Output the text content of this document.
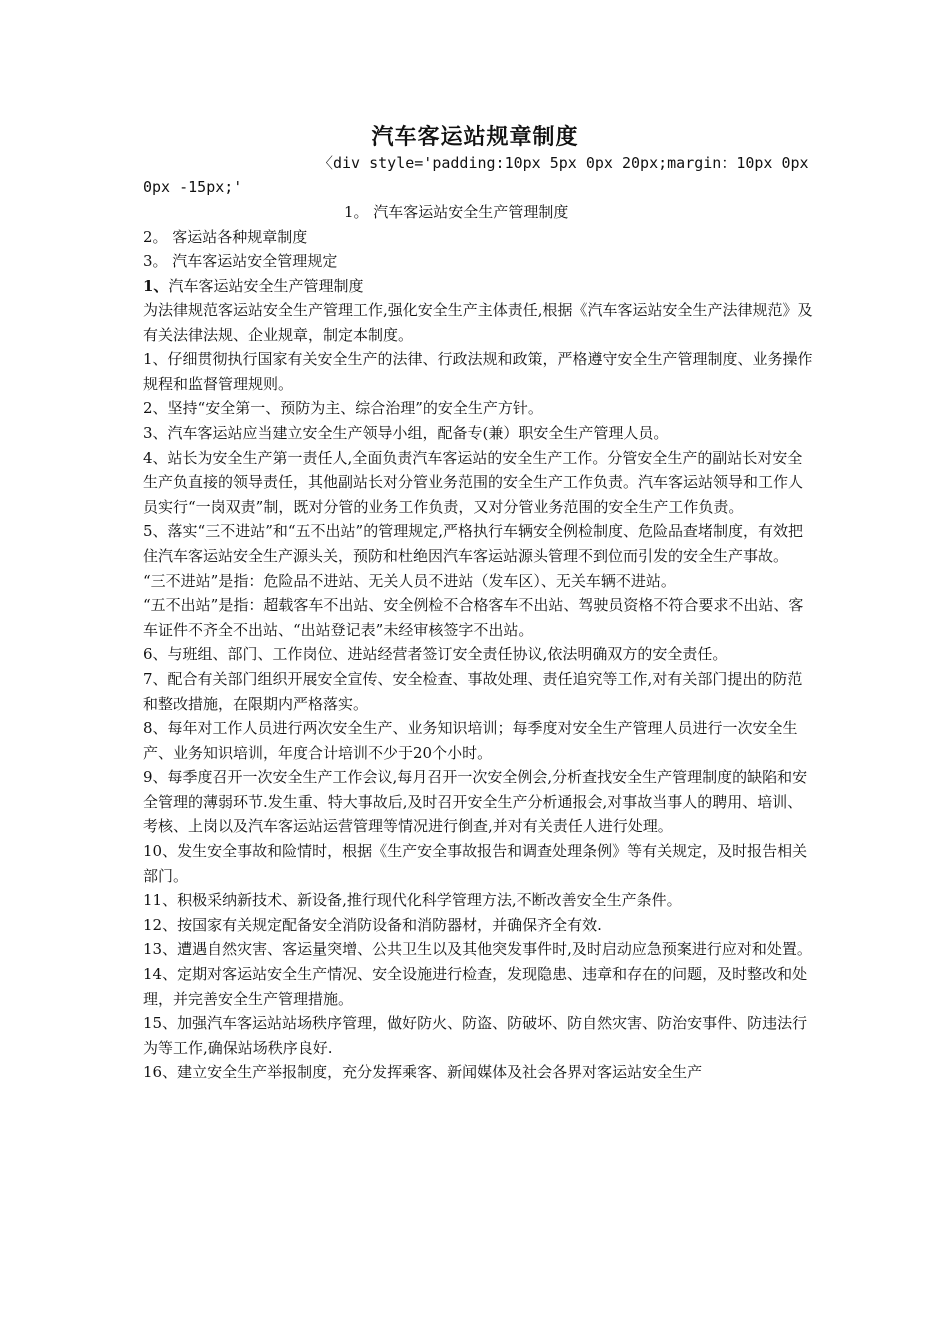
汽车客运站规章制度
〈div style='padding:10px 5px 0px 20px;margin：10px 0px
0px -15px;'
1。 汽车客运站安全生产管理制度
2。 客运站各种规章制度
3。 汽车客运站安全管理规定
1、汽车客运站安全生产管理制度

为法律规范客运站安全生产管理工作,强化安全生产主体责任,根据《汽车客运站安全生产法律规范》及有关法律法规、企业规章，制定本制度。

1、仔细贯彻执行国家有关安全生产的法律、行政法规和政策，严格遵守安全生产管理制度、业务操作规程和监督管理规则。

2、坚持“安全第一、预防为主、综合治理”的安全生产方针。

3、汽车客运站应当建立安全生产领导小组，配备专(兼）职安全生产管理人员。

4、站长为安全生产第一责任人,全面负责汽车客运站的安全生产工作。分管安全生产的副站长对安全生产负直接的领导责任，其他副站长对分管业务范围的安全生产工作负责。汽车客运站领导和工作人员实行“一岗双责”制，既对分管的业务工作负责，又对分管业务范围的安全生产工作负责。

5、落实“三不进站”和“五不出站”的管理规定,严格执行车辆安全例检制度、危险品查堵制度，有效把住汽车客运站安全生产源头关，预防和杜绝因汽车客运站源头管理不到位而引发的安全生产事故。

“三不进站”是指：危险品不进站、无关人员不进站（发车区）、无关车辆不进站。

“五不出站”是指：超载客车不出站、安全例检不合格客车不出站、驾驶员资格不符合要求不出站、客车证件不齐全不出站、“出站登记表”未经审核签字不出站。

6、与班组、部门、工作岗位、进站经营者签订安全责任协议,依法明确双方的安全责任。

7、配合有关部门组织开展安全宣传、安全检查、事故处理、责任追究等工作,对有关部门提出的防范和整改措施，在限期内严格落实。

8、每年对工作人员进行两次安全生产、业务知识培训；每季度对安全生产管理人员进行一次安全生产、业务知识培训，年度合计培训不少于20个小时。

9、每季度召开一次安全生产工作会议,每月召开一次安全例会,分析查找安全生产管理制度的缺陷和安全管理的薄弱环节.发生重、特大事故后,及时召开安全生产分析通报会,对事故当事人的聘用、培训、考核、上岗以及汽车客运站运营管理等情况进行倒查,并对有关责任人进行处理。

10、发生安全事故和险情时，根据《生产安全事故报告和调查处理条例》等有关规定，及时报告相关部门。

11、积极采纳新技术、新设备,推行现代化科学管理方法,不断改善安全生产条件。

12、按国家有关规定配备安全消防设备和消防器材，并确保齐全有效.

13、遭遇自然灾害、客运量突增、公共卫生以及其他突发事件时,及时启动应急预案进行应对和处置。

14、定期对客运站安全生产情况、安全设施进行检查，发现隐患、违章和存在的问题，及时整改和处理，并完善安全生产管理措施。

15、加强汽车客运站站场秩序管理，做好防火、防盗、防破坏、防自然灾害、防治安事件、防违法行为等工作,确保站场秩序良好.

16、建立安全生产举报制度，充分发挥乘客、新闻媒体及社会各界对客运站安全生产
